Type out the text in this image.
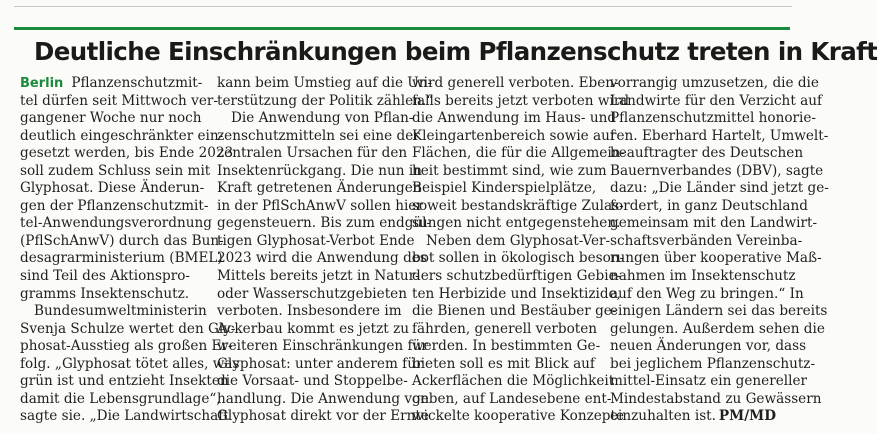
Deutliche Einschränkungen beim Pflanzenschutz treten in Kraft
Berlin Pflanzenschutzmit-
tel dürfen seit Mittwoch ver-
gangener Woche nur noch
deutlich eingeschränkter ein-
gesetzt werden, bis Ende 2023
soll zudem Schluss sein mit
Glyphosat. Diese Änderun-
gen der Pflanzenschutzmit-
tel-Anwendungsverordnung
(PflSchAnwV) durch das Bun-
desagrarministerium (BMEL)
sind Teil des Aktionspro-
gramms Insektenschutz.
Bundesumweltministerin
Svenja Schulze wertet den Gly-
phosat-Ausstieg als großen Er-
folg. „Glyphosat tötet alles, was
grün ist und entzieht Insekten
damit die Lebensgrundlage“,
sagte sie. „Die Landwirtschaft
kann beim Umstieg auf die Un-
terstützung der Politik zählen.“
Die Anwendung von Pflan-
zenschutzmitteln sei eine der
zentralen Ursachen für den
Insektenrückgang. Die nun in
Kraft getretenen Änderungen
in der PflSchAnwV sollen hier
gegensteuern. Bis zum endgül-
tigen Glyphosat-Verbot Ende
2023 wird die Anwendung des
Mittels bereits jetzt in Natur-
oder Wasserschutzgebieten
verboten. Insbesondere im
Ackerbau kommt es jetzt zu
weiteren Einschränkungen für
Glyphosat: unter anderem für
die Vorsaat- und Stoppelbe-
handlung. Die Anwendung von
Glyphosat direkt vor der Ernte
wird generell verboten. Eben-
falls bereits jetzt verboten wird
die Anwendung im Haus- und
Kleingartenbereich sowie auf
Flächen, die für die Allgemein-
heit bestimmt sind, wie zum
Beispiel Kinderspielplätze,
soweit bestandskräftige Zulas-
sungen nicht entgegenstehen.
Neben dem Glyphosat-Ver-
bot sollen in ökologisch beson-
ders schutzbedürftigen Gebie-
ten Herbizide und Insektizide,
die Bienen und Bestäuber ge-
fährden, generell verboten
werden. In bestimmten Ge-
bieten soll es mit Blick auf
Ackerflächen die Möglichkeit
geben, auf Landesebene ent-
wickelte kooperative Konzepte
vorrangig umzusetzen, die die
Landwirte für den Verzicht auf
Pflanzenschutzmittel honorie-
ren. Eberhard Hartelt, Umwelt-
beauftragter des Deutschen
Bauernverbandes (DBV), sagte
dazu: „Die Länder sind jetzt ge-
fordert, in ganz Deutschland
gemeinsam mit den Landwirt-
schaftsverbänden Vereinba-
rungen über kooperative Maß-
nahmen im Insektenschutz
auf den Weg zu bringen.“ In
einigen Ländern sei das bereits
gelungen. Außerdem sehen die
neuen Änderungen vor, dass
bei jeglichem Pflanzenschutz-
mittel-Einsatz ein genereller
Mindestabstand zu Gewässern
einzuhalten ist. PM/MD
